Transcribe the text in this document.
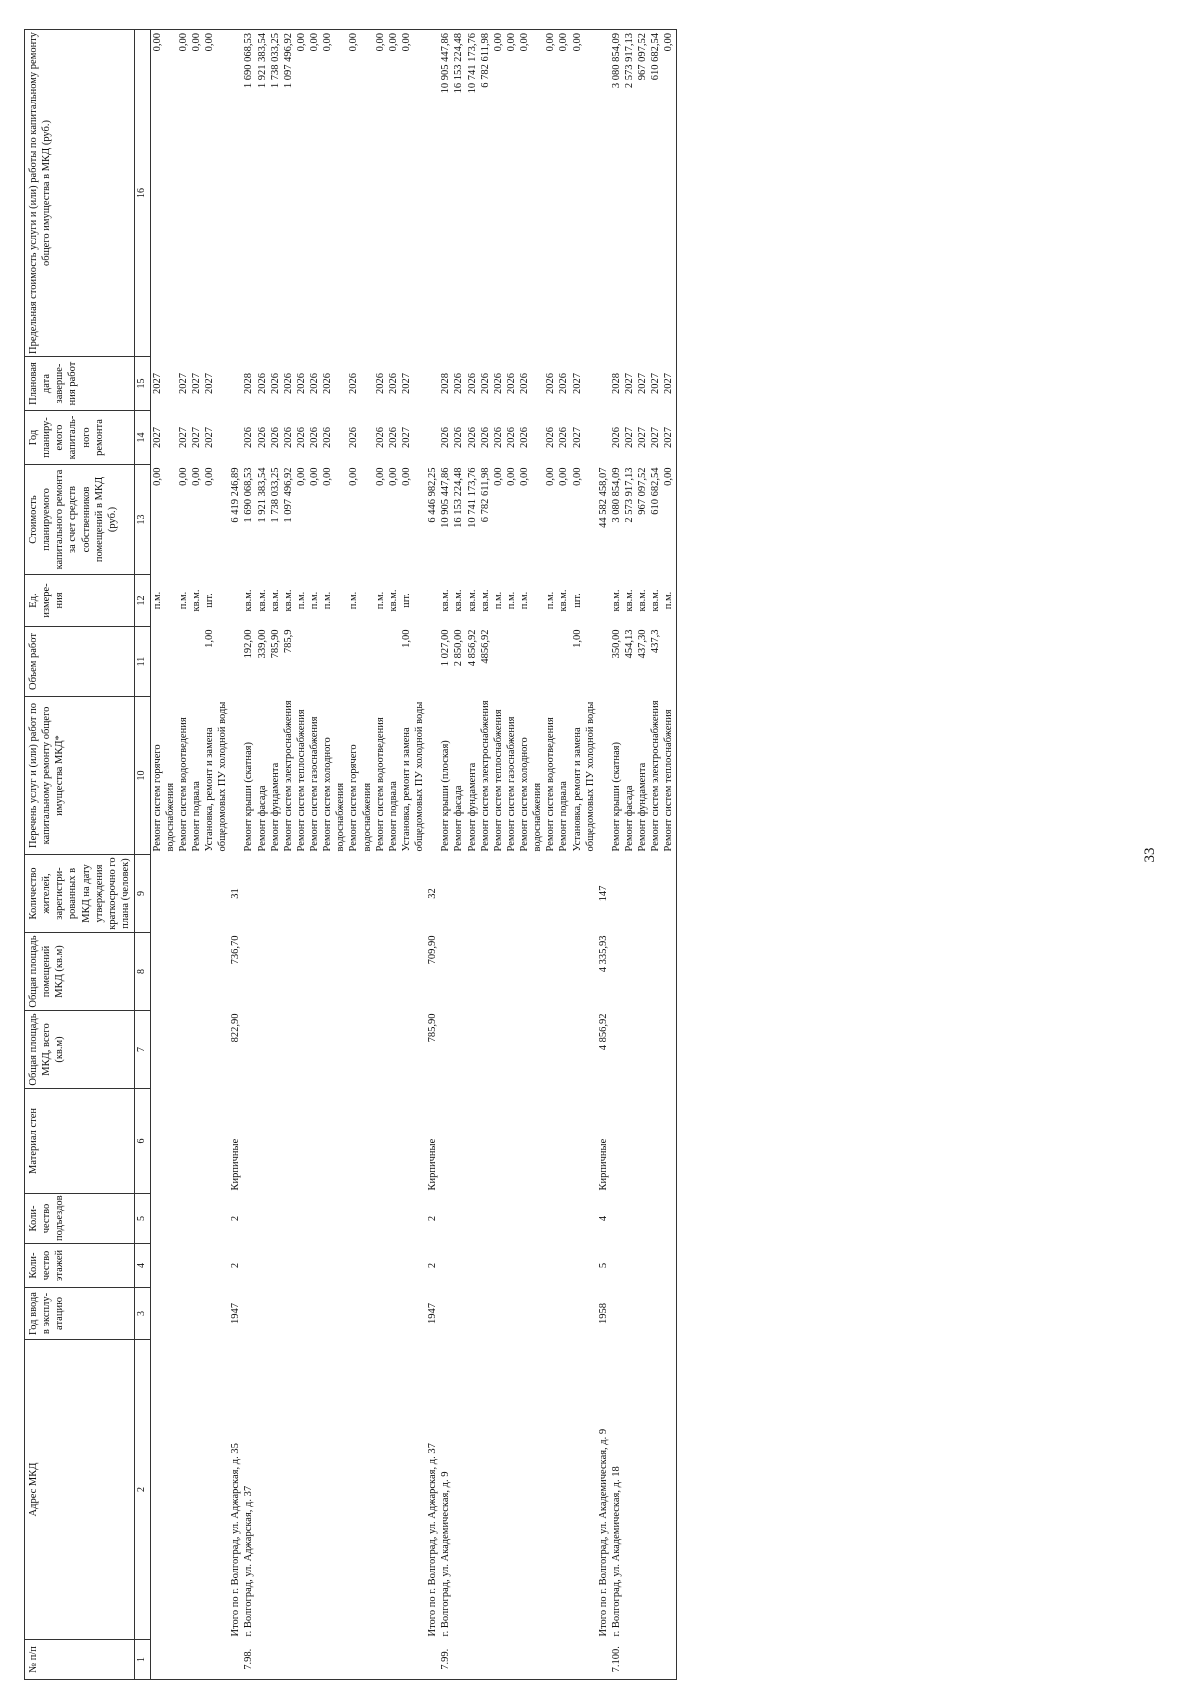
№ п/п	Адрес МКД	Год ввода в эксплу-атацию	Коли-чество этажей	Коли-чество подъездов	Материал стен	Общая площадь МКД, всего (кв.м)	Общая площадь помещений МКД (кв.м)	Количество жителей, зарегистри-рованных в МКД на дату утверждения краткосрочно го плана (человек)	Перечень услуг и (или) работ по капитальному ремонту общего имущества МКД*	Объем работ	Ед. измере-ния	Стоимость планируемого капитального ремонта за счет средств собственников помещений в МКД (руб.)	Год планиру-емого капиталь-ного ремонта	Плановая дата заверше-ния работ	Предельная стоимость услуги и (или) работы по капитальному ремонту общего имущества в МКД (руб.)
1	2	3	4	5	6	7	8	9	10	11	12	13	14	15	16
									Ремонт систем горячего водоснабжения		п.м.	0,00	2027	2027	0,00
									Ремонт систем водоотведения		п.м.	0,00	2027	2027	0,00
									Ремонт подвала		кв.м.	0,00	2027	2027	0,00
									Установка, ремонт и замена общедомовых ПУ холодной воды	1,00	шт.	0,00	2027	2027	0,00
	Итого по г. Волгоград, ул. Аджарская, д. 35	1947	2	2	Кирпичные	822,90	736,70	31				6 419 246,89			
7.98.	г. Волгоград, ул. Аджарская, д. 37								Ремонт крыши (скатная)	192,00	кв.м.	1 690 068,53	2026	2028	1 690 068,53
									Ремонт фасада	339,00	кв.м.	1 921 383,54	2026	2026	1 921 383,54
									Ремонт фундамента	785,90	кв.м.	1 738 033,25	2026	2026	1 738 033,25
									Ремонт систем электроснабжения	785,9	кв.м.	1 097 496,92	2026	2026	1 097 496,92
									Ремонт систем теплоснабжения		п.м.	0,00	2026	2026	0,00
									Ремонт систем газоснабжения		п.м.	0,00	2026	2026	0,00
									Ремонт систем холодного водоснабжения		п.м.	0,00	2026	2026	0,00
									Ремонт систем горячего водоснабжения		п.м.	0,00	2026	2026	0,00
									Ремонт систем водоотведения		п.м.	0,00	2026	2026	0,00
									Ремонт подвала		кв.м.	0,00	2026	2026	0,00
									Установка, ремонт и замена общедомовых ПУ холодной воды	1,00	шт.	0,00	2027	2027	0,00
	Итого по г. Волгоград, ул. Аджарская, д. 37	1947	2	2	Кирпичные	785,90	709,90	32				6 446 982,25			
7.99.	г. Волгоград, ул. Академическая, д. 9								Ремонт крыши (плоская)	1 027,00	кв.м.	10 905 447,86	2026	2028	10 905 447,86
									Ремонт фасада	2 850,00	кв.м.	16 153 224,48	2026	2026	16 153 224,48
									Ремонт фундамента	4 856,92	кв.м.	10 741 173,76	2026	2026	10 741 173,76
									Ремонт систем электроснабжения	4856,92	кв.м.	6 782 611,98	2026	2026	6 782 611,98
									Ремонт систем теплоснабжения		п.м.	0,00	2026	2026	0,00
									Ремонт систем газоснабжения		п.м.	0,00	2026	2026	0,00
									Ремонт систем холодного водоснабжения		п.м.	0,00	2026	2026	0,00
									Ремонт систем водоотведения		п.м.	0,00	2026	2026	0,00
									Ремонт подвала		кв.м.	0,00	2026	2026	0,00
									Установка, ремонт и замена общедомовых ПУ холодной воды	1,00	шт.	0,00	2027	2027	0,00
	Итого по г. Волгоград, ул. Академическая, д. 9	1958	5	4	Кирпичные	4 856,92	4 335,93	147				44 582 458,07			
7.100.	г. Волгоград, ул. Академическая, д. 18								Ремонт крыши (скатная)	350,00	кв.м.	3 080 854,09	2026	2028	3 080 854,09
									Ремонт фасада	454,13	кв.м.	2 573 917,13	2027	2027	2 573 917,13
									Ремонт фундамента	437,30	кв.м.	967 097,52	2027	2027	967 097,52
									Ремонт систем электроснабжения	437,3	кв.м.	610 682,54	2027	2027	610 682,54
									Ремонт систем теплоснабжения		п.м.	0,00	2027	2027	0,00
33
